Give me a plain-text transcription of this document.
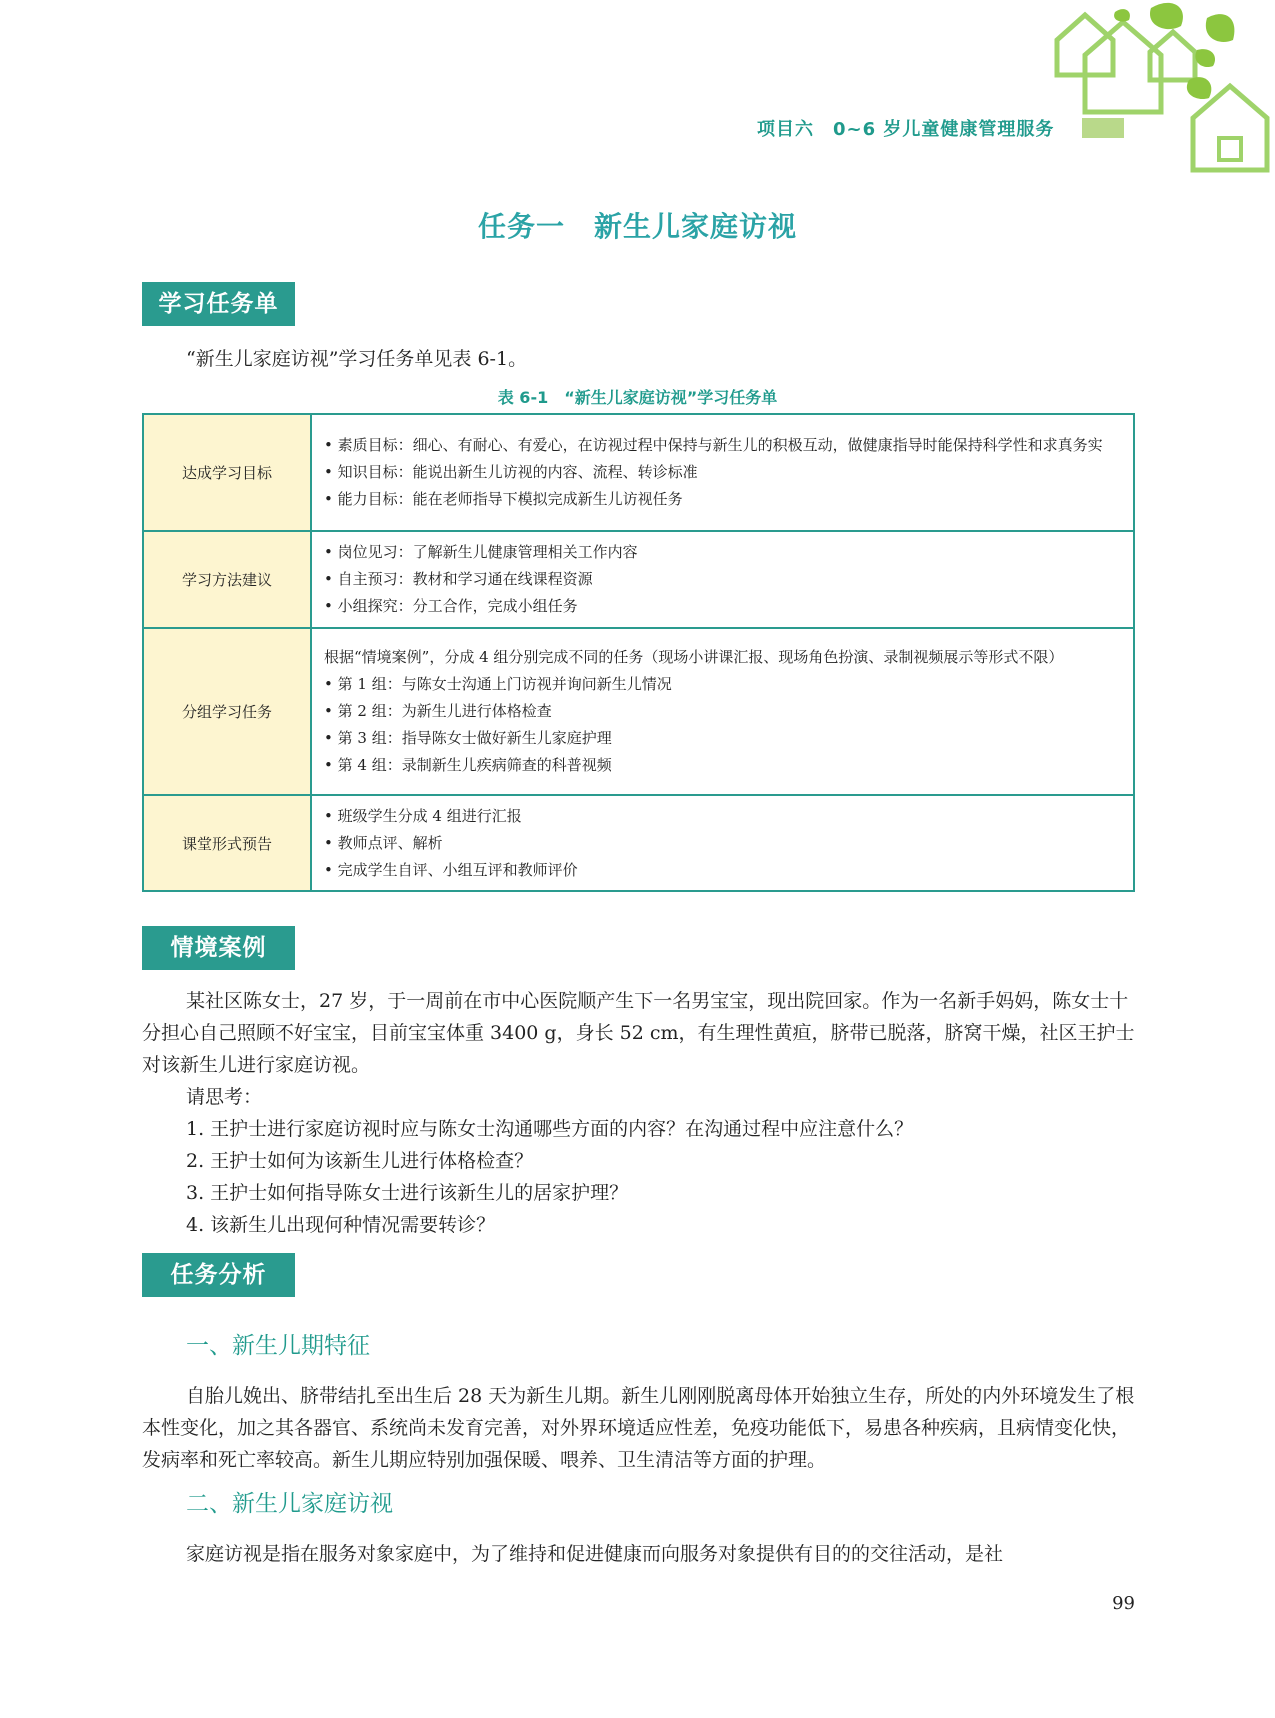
项目六　0~6 岁儿童健康管理服务
任务一　新生儿家庭访视
学习任务单
“新生儿家庭访视”学习任务单见表 6-1。
表 6-1　“新生儿家庭访视”学习任务单
达成学习目标	• 素质目标：细心、有耐心、有爱心，在访视过程中保持与新生儿的积极互动，做健康指导时能保持科学性和求真务实
• 知识目标：能说出新生儿访视的内容、流程、转诊标准
• 能力目标：能在老师指导下模拟完成新生儿访视任务

学习方法建议	• 岗位见习：了解新生儿健康管理相关工作内容
• 自主预习：教材和学习通在线课程资源
• 小组探究：分工合作，完成小组任务

分组学习任务	根据“情境案例”，分成 4 组分别完成不同的任务（现场小讲课汇报、现场角色扮演、录制视频展示等形式不限）
• 第 1 组：与陈女士沟通上门访视并询问新生儿情况
• 第 2 组：为新生儿进行体格检查
• 第 3 组：指导陈女士做好新生儿家庭护理
• 第 4 组：录制新生儿疾病筛查的科普视频

课堂形式预告	• 班级学生分成 4 组进行汇报
• 教师点评、解析
• 完成学生自评、小组互评和教师评价
情境案例

某社区陈女士，27 岁，于一周前在市中心医院顺产生下一名男宝宝，现出院回家。作为一名新手妈妈，陈女士十分担心自己照顾不好宝宝，目前宝宝体重 3400 g，身长 52 cm，有生理性黄疸，脐带已脱落，脐窝干燥，社区王护士对该新生儿进行家庭访视。

请思考：

1. 王护士进行家庭访视时应与陈女士沟通哪些方面的内容？在沟通过程中应注意什么？

2. 王护士如何为该新生儿进行体格检查？

3. 王护士如何指导陈女士进行该新生儿的居家护理？

4. 该新生儿出现何种情况需要转诊？

任务分析
一、新生儿期特征

自胎儿娩出、脐带结扎至出生后 28 天为新生儿期。新生儿刚刚脱离母体开始独立生存，所处的内外环境发生了根本性变化，加之其各器官、系统尚未发育完善，对外界环境适应性差，免疫功能低下，易患各种疾病，且病情变化快，发病率和死亡率较高。新生儿期应特别加强保暖、喂养、卫生清洁等方面的护理。

二、新生儿家庭访视

家庭访视是指在服务对象家庭中，为了维持和促进健康而向服务对象提供有目的的交往活动，是社

99
